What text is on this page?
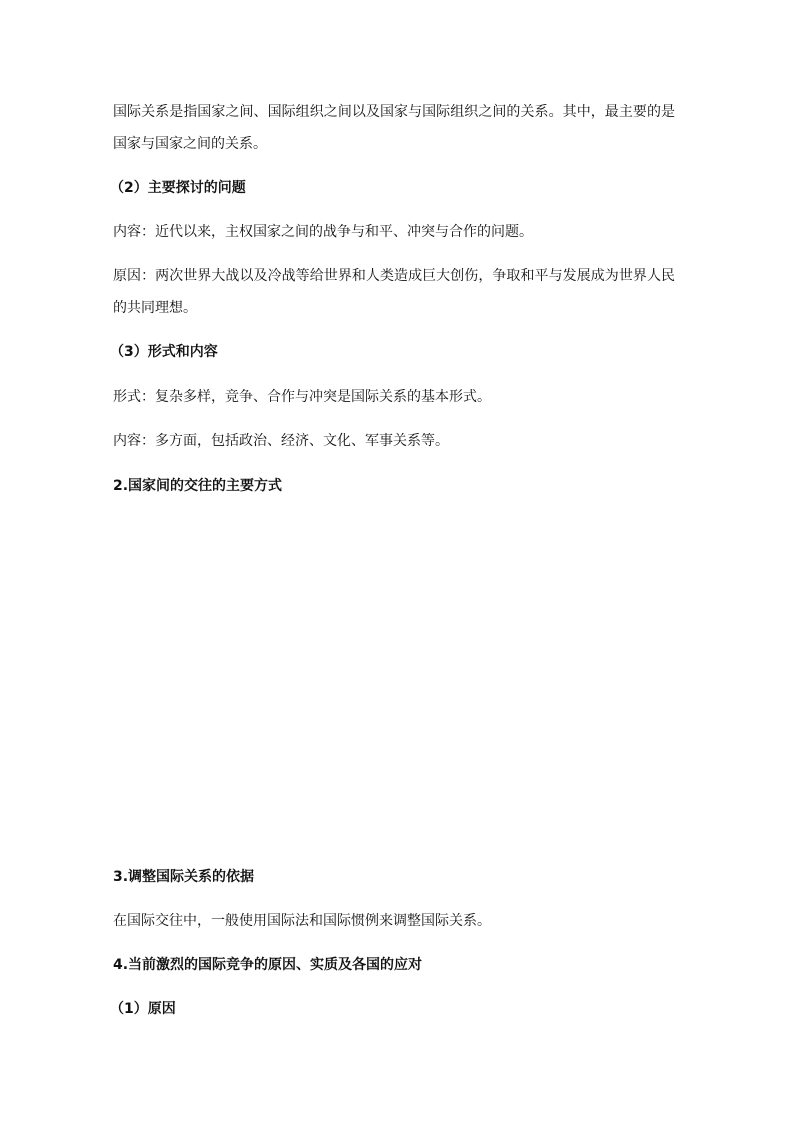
国际关系是指国家之间、国际组织之间以及国家与国际组织之间的关系。其中，最主要的是
国家与国家之间的关系。
（2）主要探讨的问题
内容：近代以来，主权国家之间的战争与和平、冲突与合作的问题。
原因：两次世界大战以及冷战等给世界和人类造成巨大创伤，争取和平与发展成为世界人民
的共同理想。
（3）形式和内容
形式：复杂多样，竞争、合作与冲突是国际关系的基本形式。
内容：多方面，包括政治、经济、文化、军事关系等。
2.国家间的交往的主要方式
3.调整国际关系的依据
在国际交往中，一般使用国际法和国际惯例来调整国际关系。
4.当前激烈的国际竞争的原因、实质及各国的应对
（1）原因
